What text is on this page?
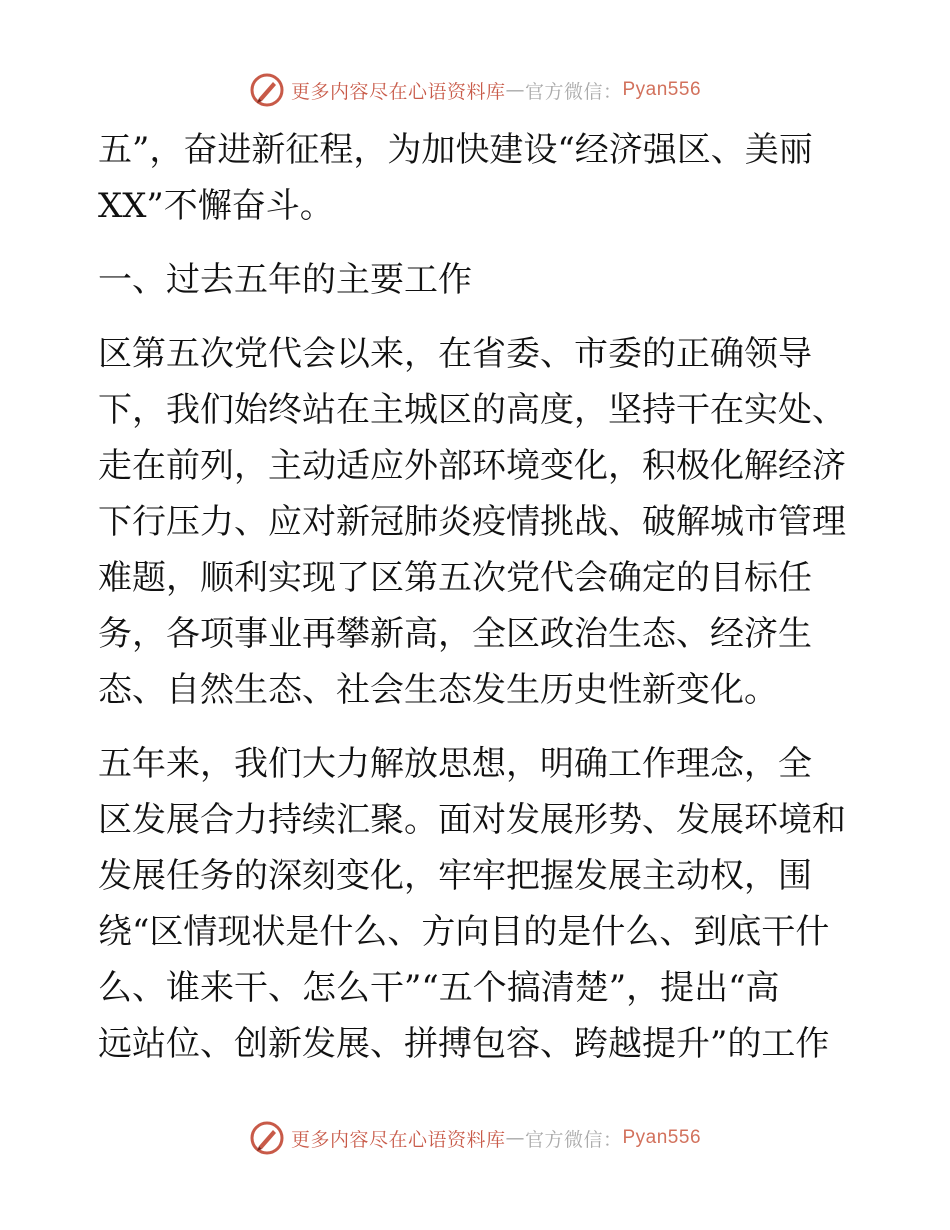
更多内容尽在心语资料库 — 官方微信： Pyan556
五”，奋进新征程，为加快建设“经济强区、美丽
XX”不懈奋斗。
一、过去五年的主要工作
区第五次党代会以来，在省委、市委的正确领导
下，我们始终站在主城区的高度，坚持干在实处、
走在前列，主动适应外部环境变化，积极化解经济
下行压力、应对新冠肺炎疫情挑战、破解城市管理
难题，顺利实现了区第五次党代会确定的目标任
务，各项事业再攀新高，全区政治生态、经济生
态、自然生态、社会生态发生历史性新变化。
五年来，我们大力解放思想，明确工作理念，全
区发展合力持续汇聚。面对发展形势、发展环境和
发展任务的深刻变化，牢牢把握发展主动权，围
绕“区情现状是什么、方向目的是什么、到底干什
么、谁来干、怎么干”“五个搞清楚”，提出“高
远站位、创新发展、拼搏包容、跨越提升”的工作
更多内容尽在心语资料库 — 官方微信： Pyan556
